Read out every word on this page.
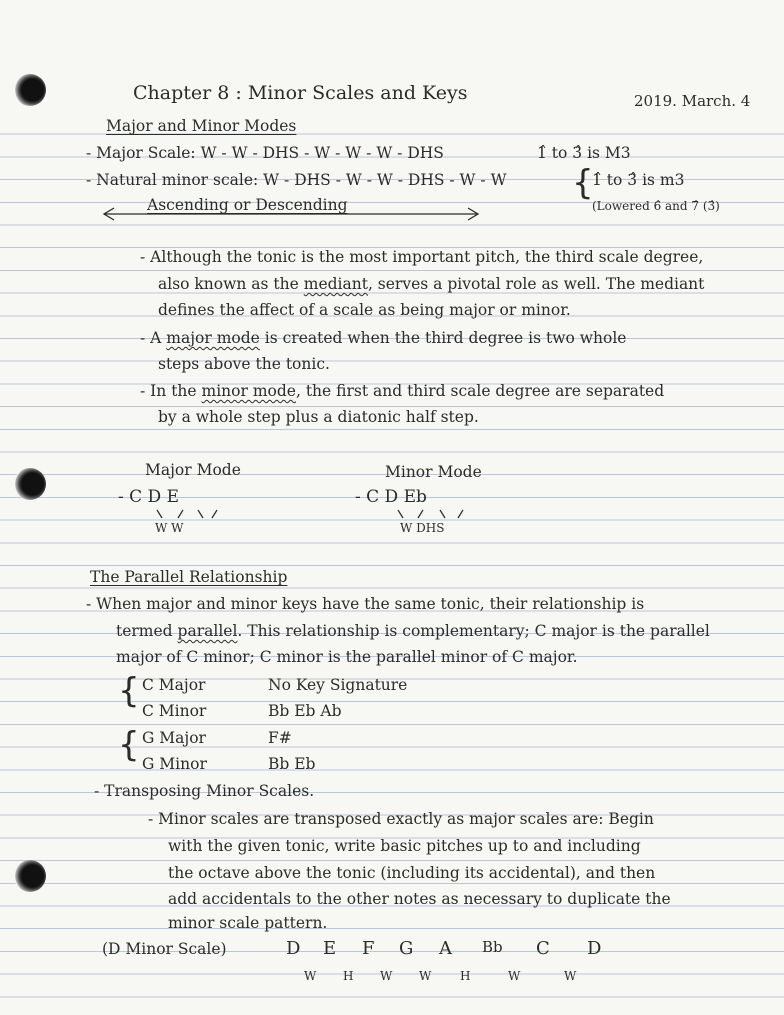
Chapter 8 : Minor Scales and Keys	2019. March. 4
Major and Minor Modes
- Major Scale: W - W - DHS - W - W - W - DHS	1̂ to 3̂ is M3
- Natural minor scale: W - DHS - W - W - DHS - W - W	1̂ to 3̂ is m3
(Lowered 6̂ and 7̂ (3̂)
{
Ascending or Descending
- Although the tonic is the most important pitch, the third scale degree,
also known as the mediant, serves a pivotal role as well. The mediant
defines the affect of a scale as being major or minor.
- A major mode is created when the third degree is two whole
steps above the tonic.
- In the minor mode, the first and third scale degree are separated
by a whole step plus a diatonic half step.
Major Mode
- C D E
W W
Minor Mode
- C D Eb
W DHS
The Parallel Relationship
- When major and minor keys have the same tonic, their relationship is
termed parallel. This relationship is complementary; C major is the parallel
major of C minor; C minor is the parallel minor of C major.
{ C Major	No Key Signature
C Minor	Bb Eb Ab
{ G Major	F#
G Minor	Bb Eb
- Transposing Minor Scales.
- Minor scales are transposed exactly as major scales are: Begin
with the given tonic, write basic pitches up to and including
the octave above the tonic (including its accidental), and then
add accidentals to the other notes as necessary to duplicate the
minor scale pattern.
(D Minor Scale)	D E F G A Bb C D
W H W W H	W	W
